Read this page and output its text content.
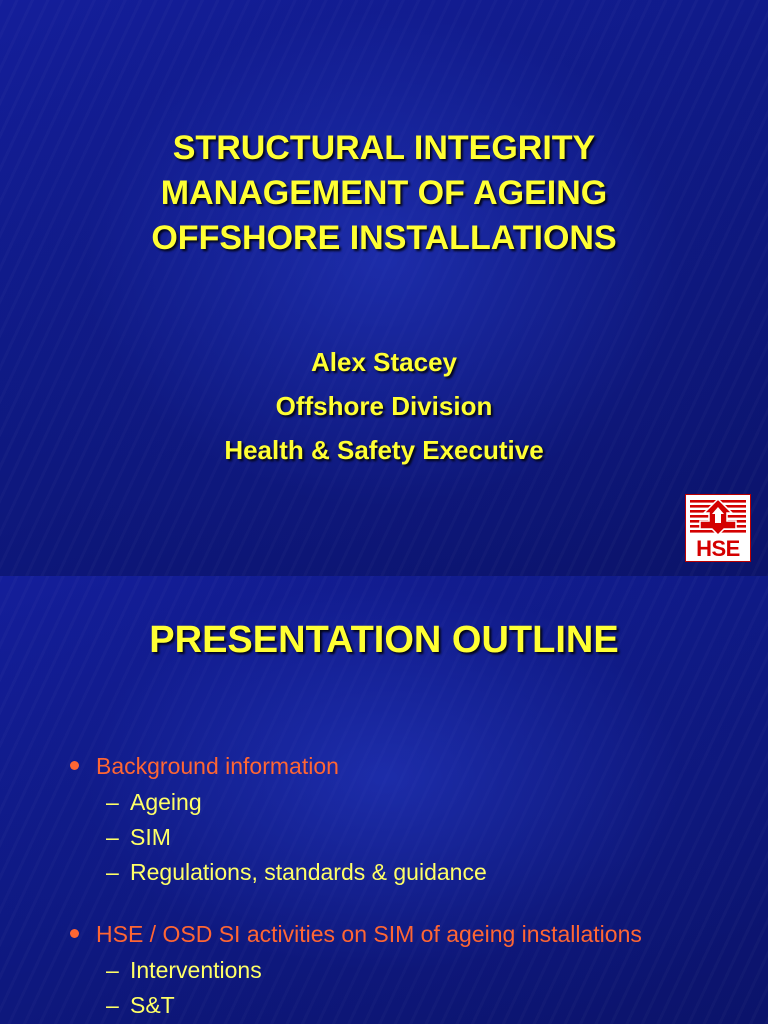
STRUCTURAL INTEGRITY
MANAGEMENT OF AGEING
OFFSHORE INSTALLATIONS
Alex Stacey
Offshore Division
Health & Safety Executive
HSE
PRESENTATION OUTLINE
Background information
– Ageing
– SIM
– Regulations, standards & guidance
HSE / OSD SI activities on SIM of ageing installations
– Interventions
– S&T
